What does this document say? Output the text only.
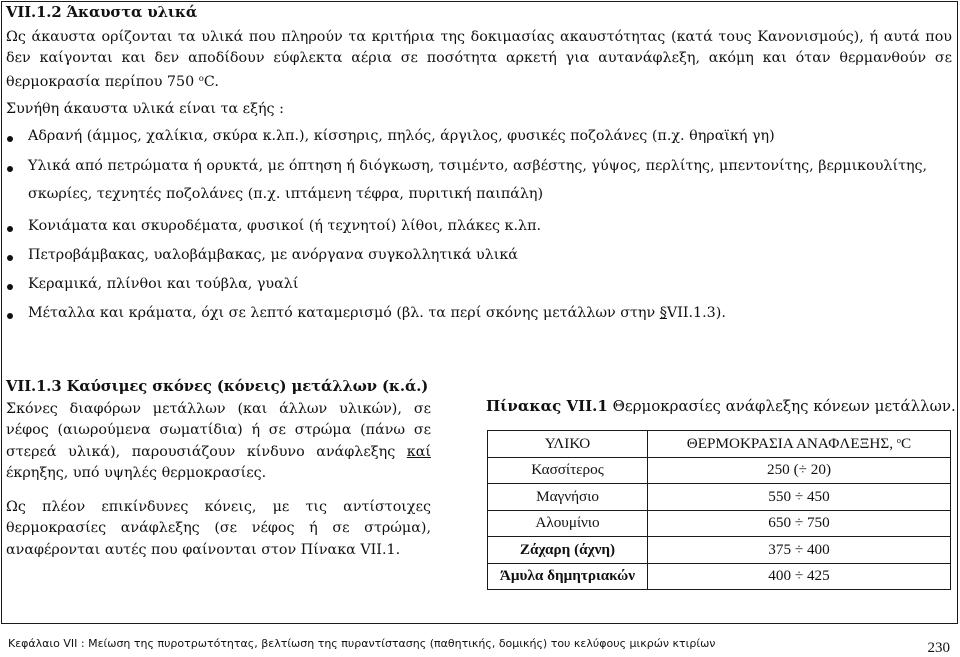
VII.1.2 Άκαυστα υλικά
Ως άκαυστα ορίζονται τα υλικά που πληρούν τα κριτήρια της δοκιμασίας ακαυστότητας (κατά τους Κανονισμούς), ή αυτά που
δεν καίγονται και δεν αποδίδουν εύφλεκτα αέρια σε ποσότητα αρκετή για αυτανάφλεξη, ακόμη και όταν θερμανθούν σε
θερμοκρασία περίπου 750 $^o$C.
Συνήθη άκαυστα υλικά είναι τα εξής :
Αδρανή (άμμος, χαλίκια, σκύρα κ.λπ.), κίσσηρις, πηλός, άργιλος, φυσικές ποζολάνες (π.χ. θηραϊκή γη)
Υλικά από πετρώματα ή ορυκτά, με όπτηση ή διόγκωση, τσιμέντο, ασβέστης, γύψος, περλίτης, μπεντονίτης, βερμικουλίτης,
σκωρίες, τεχνητές ποζολάνες (π.χ. ιπτάμενη τέφρα, πυριτική παιπάλη)
Κονιάματα και σκυροδέματα, φυσικοί (ή τεχνητοί) λίθοι, πλάκες κ.λπ.
Πετροβάμβακας, υαλοβάμβακας, με ανόργανα συγκολλητικά υλικά
Κεραμικά, πλίνθοι και τούβλα, γυαλί
Μέταλλα και κράματα, όχι σε λεπτό καταμερισμό (βλ. τα περί σκόνης μετάλλων στην §VII.1.3).
VII.1.3 Καύσιμες σκόνες (κόνεις) μετάλλων (κ.ά.)
Σκόνες διαφόρων μετάλλων (και άλλων υλικών), σε
νέφος (αιωρούμενα σωματίδια) ή σε στρώμα (πάνω σε
στερεά υλικά), παρουσιάζουν κίνδυνο ανάφλεξης καί
έκρηξης, υπό υψηλές θερμοκρασίες.
Ως πλέον επικίνδυνες κόνεις, με τις αντίστοιχες
θερμοκρασίες ανάφλεξης (σε νέφος ή σε στρώμα),
αναφέρονται αυτές που φαίνονται στον Πίνακα VII.1.
Πίνακας VII.1 Θερμοκρασίες ανάφλεξης κόνεων μετάλλων.
ΥΛΙΚΟ	ΘΕΡΜΟΚΡΑΣΙΑ ΑΝΑΦΛΕΞΗΣ, $^o$C
Κασσίτερος	250 (÷ 20)
Μαγνήσιο	550 ÷ 450
Αλουμίνιο	650 ÷ 750
Ζάχαρη (άχνη)	375 ÷ 400
Άμυλα δημητριακών	400 ÷ 425
Κεφάλαιο VII : Μείωση της πυροτρωτότητας, βελτίωση της πυραντίστασης (παθητικής, δομικής) του κελύφους μικρών κτιρίων	230
